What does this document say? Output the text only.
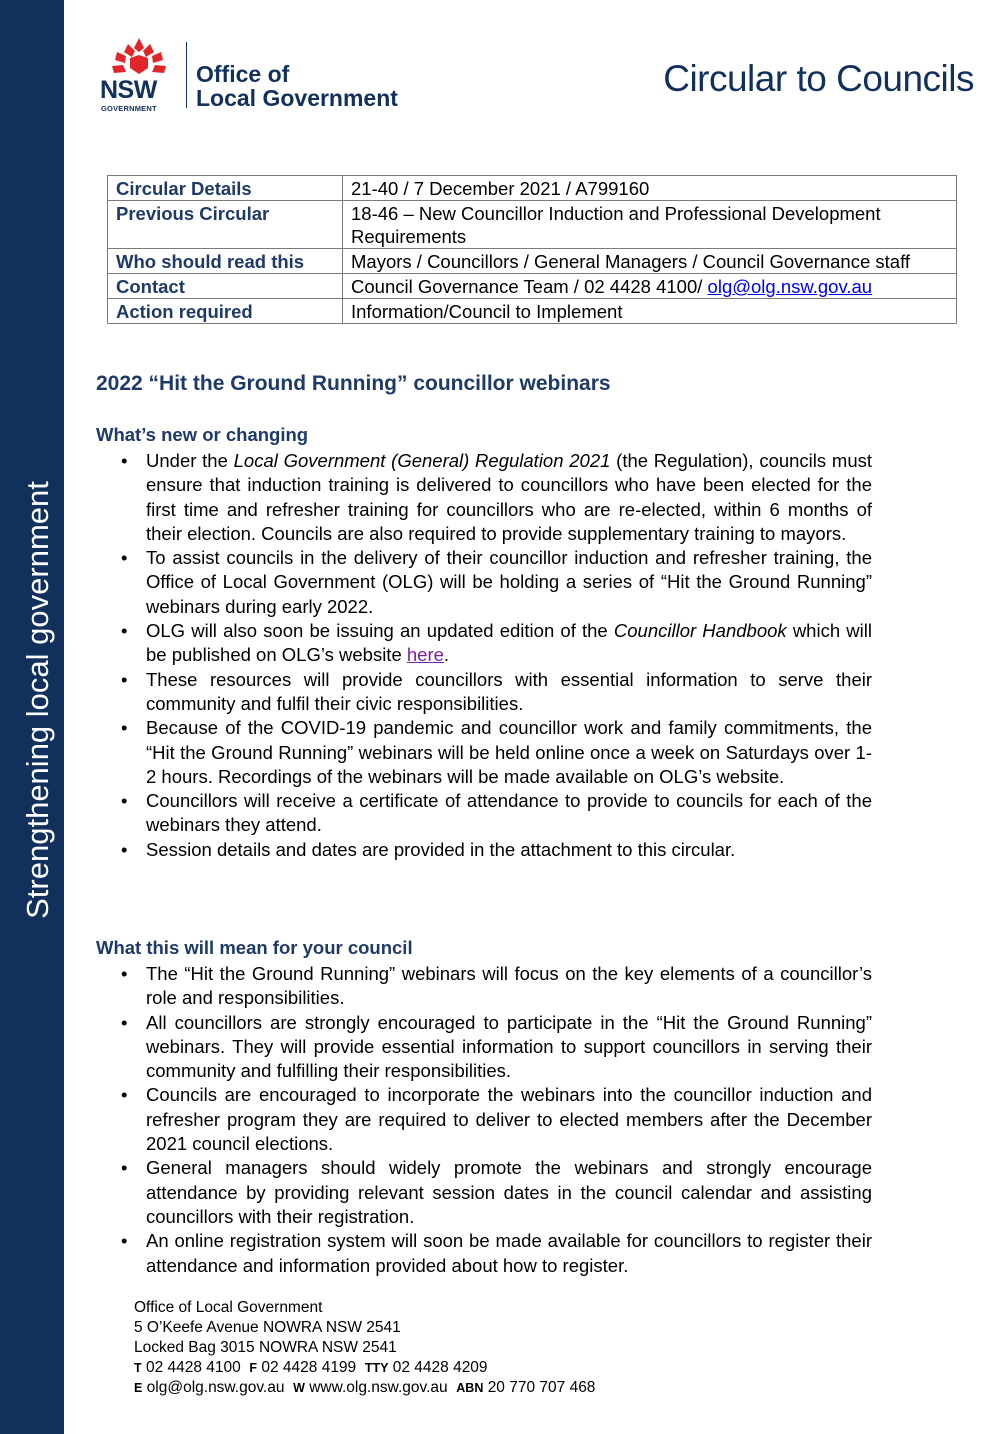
Strengthening local government
NSW
GOVERNMENT
Office of
Local Government	Circular to Councils
Circular Details	21-40 / 7 December 2021 / A799160
Previous Circular	18-46 – New Councillor Induction and Professional Development Requirements
Who should read this	Mayors / Councillors / General Managers / Council Governance staff
Contact	Council Governance Team / 02 4428 4100/ olg@olg.nsw.gov.au
Action required	Information/Council to Implement
2022 “Hit the Ground Running” councillor webinars
What’s new or changing
• Under the Local Government (General) Regulation 2021 (the Regulation), councils must ensure that induction training is delivered to councillors who have been elected for the first time and refresher training for councillors who are re-elected, within 6 months of their election. Councils are also required to provide supplementary training to mayors.
• To assist councils in the delivery of their councillor induction and refresher training, the Office of Local Government (OLG) will be holding a series of “Hit the Ground Running” webinars during early 2022.
• OLG will also soon be issuing an updated edition of the Councillor Handbook which will be published on OLG’s website here.
• These resources will provide councillors with essential information to serve their community and fulfil their civic responsibilities.
• Because of the COVID-19 pandemic and councillor work and family commitments, the “Hit the Ground Running” webinars will be held online once a week on Saturdays over 1-2 hours. Recordings of the webinars will be made available on OLG’s website.
• Councillors will receive a certificate of attendance to provide to councils for each of the webinars they attend.
• Session details and dates are provided in the attachment to this circular.
What this will mean for your council
• The “Hit the Ground Running” webinars will focus on the key elements of a councillor’s role and responsibilities.
• All councillors are strongly encouraged to participate in the “Hit the Ground Running” webinars. They will provide essential information to support councillors in serving their community and fulfilling their responsibilities.
• Councils are encouraged to incorporate the webinars into the councillor induction and refresher program they are required to deliver to elected members after the December 2021 council elections.
• General managers should widely promote the webinars and strongly encourage attendance by providing relevant session dates in the council calendar and assisting councillors with their registration.
• An online registration system will soon be made available for councillors to register their attendance and information provided about how to register.
Office of Local Government
5 O’Keefe Avenue NOWRA NSW 2541
Locked Bag 3015 NOWRA NSW 2541
T 02 4428 4100 F 02 4428 4199 TTY 02 4428 4209
E olg@olg.nsw.gov.au W www.olg.nsw.gov.au ABN 20 770 707 468
